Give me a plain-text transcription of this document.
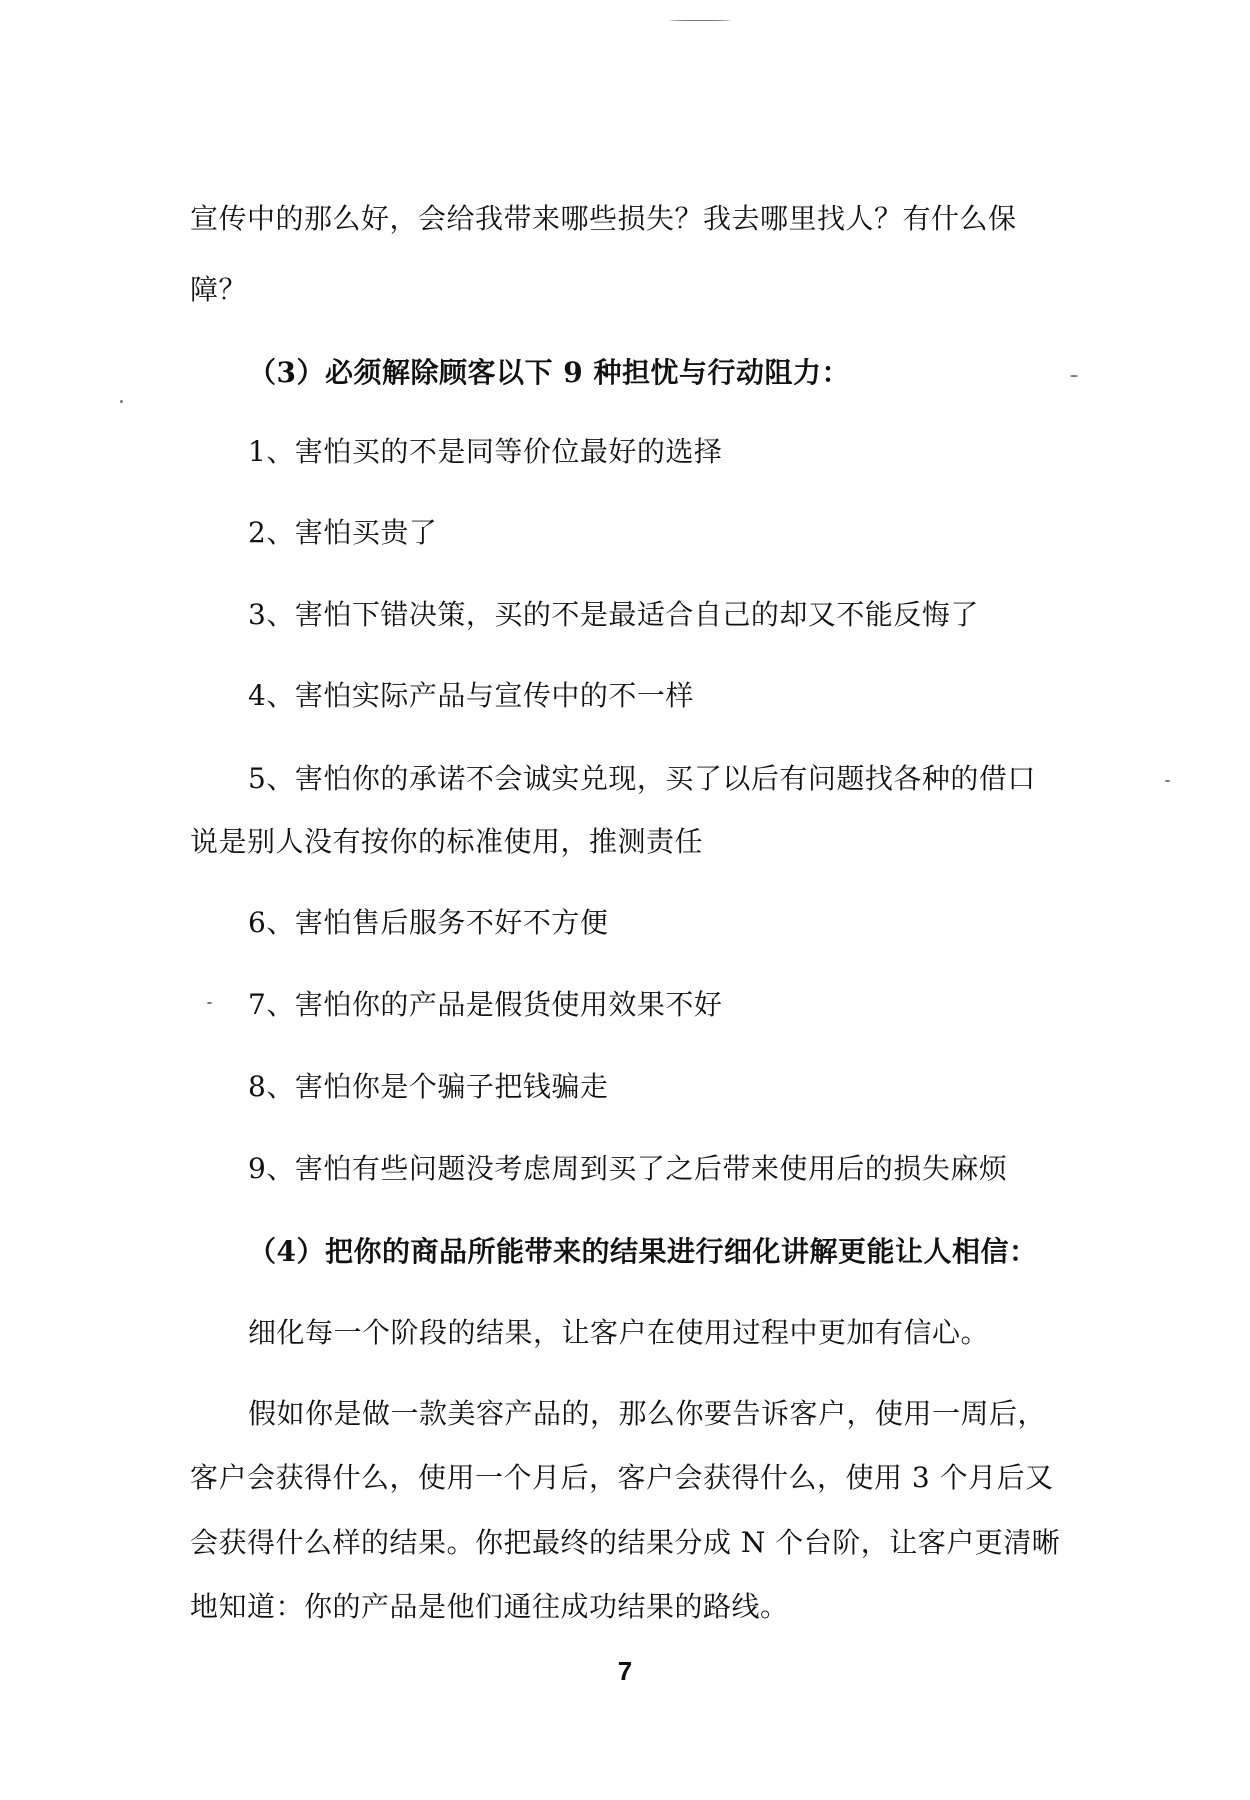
宣传中的那么好，会给我带来哪些损失？我去哪里找人？有什么保
障？
（3）必须解除顾客以下 9 种担忧与行动阻力：
1、害怕买的不是同等价位最好的选择
2、害怕买贵了
3、害怕下错决策，买的不是最适合自己的却又不能反悔了
4、害怕实际产品与宣传中的不一样
5、害怕你的承诺不会诚实兑现，买了以后有问题找各种的借口
说是别人没有按你的标准使用，推测责任
6、害怕售后服务不好不方便
7、害怕你的产品是假货使用效果不好
8、害怕你是个骗子把钱骗走
9、害怕有些问题没考虑周到买了之后带来使用后的损失麻烦
（4）把你的商品所能带来的结果进行细化讲解更能让人相信：
细化每一个阶段的结果，让客户在使用过程中更加有信心。
假如你是做一款美容产品的，那么你要告诉客户，使用一周后，
客户会获得什么，使用一个月后，客户会获得什么，使用 3 个月后又
会获得什么样的结果。你把最终的结果分成 N 个台阶，让客户更清晰
地知道：你的产品是他们通往成功结果的路线。
7
